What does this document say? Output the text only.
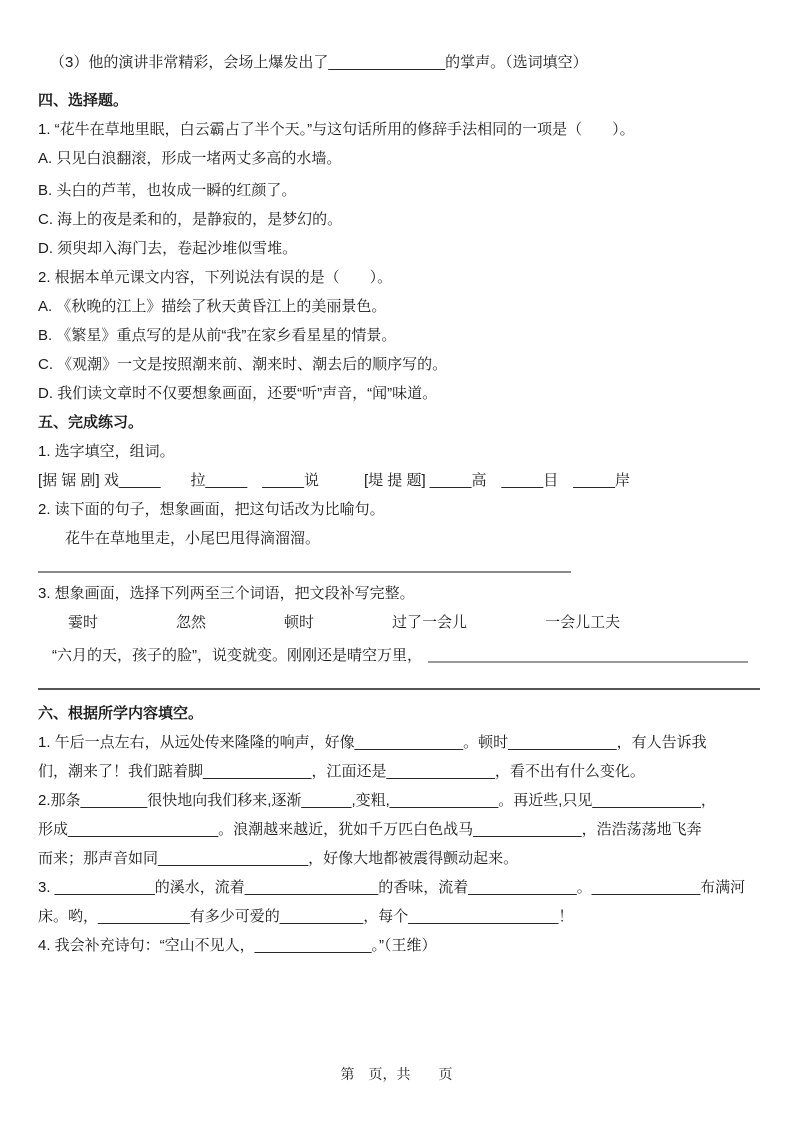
（3）他的演讲非常精彩，会场上爆发出了______________的掌声。（选词填空）
四、选择题。
1. “花牛在草地里眠，白云霸占了半个天。”与这句话所用的修辞手法相同的一项是（　　）。
A. 只见白浪翻滚，形成一堵两丈多高的水墙。
B. 头白的芦苇，也妆成一瞬的红颜了。
C. 海上的夜是柔和的，是静寂的，是梦幻的。
D. 须臾却入海门去，卷起沙堆似雪堆。
2. 根据本单元课文内容，下列说法有误的是（　　）。
A. 《秋晚的江上》描绘了秋天黄昏江上的美丽景色。
B. 《繁星》重点写的是从前“我”在家乡看星星的情景。
C. 《观潮》一文是按照潮来前、潮来时、潮去后的顺序写的。
D. 我们读文章时不仅要想象画面，还要“听”声音，“闻”味道。
五、完成练习。
1. 选字填空，组词。
[据 锯 剧] 戏_____　　拉_____　_____说　　　[堤 提 题] _____高　_____目　_____岸
2. 读下面的句子，想象画面，把这句话改为比喻句。
花牛在草地里走，小尾巴甩得滴溜溜。
3. 想象画面，选择下列两至三个词语，把文段补写完整。
霎时	忽然	顿时	过了一会儿	一会儿工夫
“六月的天，孩子的脸”，说变就变。刚刚还是晴空万里，
六、根据所学内容填空。
1. 午后一点左右，从远处传来隆隆的响声，好像_____________。顿时_____________，有人告诉我
们，潮来了！我们踮着脚_____________，江面还是_____________，看不出有什么变化。
2.那条________很快地向我们移来,逐渐______,变粗,_____________。再近些,只见_____________，
形成__________________。浪潮越来越近，犹如千万匹白色战马_____________，浩浩荡荡地飞奔
而来；那声音如同__________________，好像大地都被震得颤动起来。
3. ____________的溪水，流着________________的香味，流着_____________。_____________布满河
床。哟，___________有多少可爱的__________，每个__________________！
4. 我会补充诗句：“空山不见人，______________。”（王维）
第　页，共　　页
